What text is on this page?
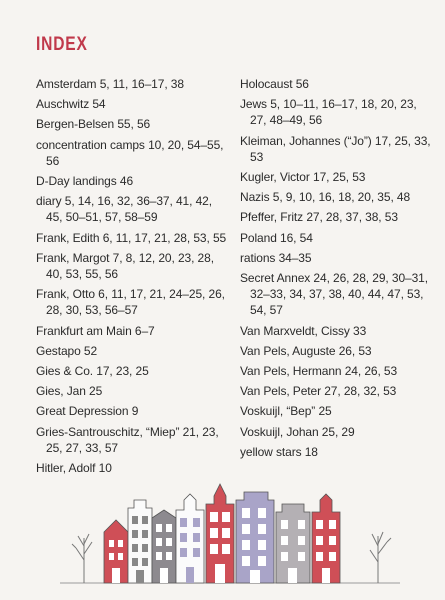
INDEX
Amsterdam 5, 11, 16–17, 38
Auschwitz 54
Bergen-Belsen 55, 56
concentration camps 10, 20, 54–55, 56
D-Day landings 46
diary 5, 14, 16, 32, 36–37, 41, 42, 45, 50–51, 57, 58–59
Frank, Edith 6, 11, 17, 21, 28, 53, 55
Frank, Margot 7, 8, 12, 20, 23, 28, 40, 53, 55, 56
Frank, Otto 6, 11, 17, 21, 24–25, 26, 28, 30, 53, 56–57
Frankfurt am Main 6–7
Gestapo 52
Gies & Co. 17, 23, 25
Gies, Jan 25
Great Depression 9
Gries-Santrouschitz, “Miep” 21, 23, 25, 27, 33, 57
Hitler, Adolf 10
Holocaust 56
Jews 5, 10–11, 16–17, 18, 20, 23, 27, 48–49, 56
Kleiman, Johannes (“Jo”) 17, 25, 33, 53
Kugler, Victor 17, 25, 53
Nazis 5, 9, 10, 16, 18, 20, 35, 48
Pfeffer, Fritz 27, 28, 37, 38, 53
Poland 16, 54
rations 34–35
Secret Annex 24, 26, 28, 29, 30–31, 32–33, 34, 37, 38, 40, 44, 47, 53, 54, 57
Van Marxveldt, Cissy 33
Van Pels, Auguste 26, 53
Van Pels, Hermann 24, 26, 53
Van Pels, Peter 27, 28, 32, 53
Voskuijl, “Bep” 25
Voskuijl, Johan 25, 29
yellow stars 18
